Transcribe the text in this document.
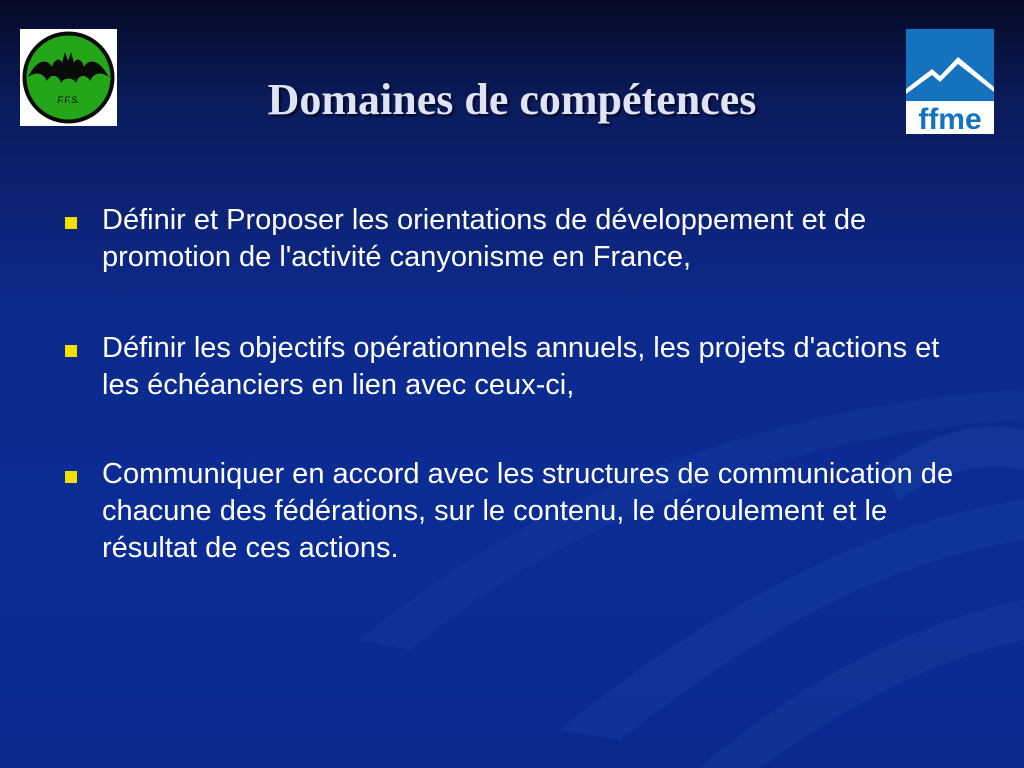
F.F.S.
ffme
Domaines de compétences
Définir et Proposer les orientations de développement et de promotion de l'activité canyonisme en France,
Définir les objectifs opérationnels annuels, les projets d'actions et les échéanciers en lien avec ceux-ci,
Communiquer en accord avec les structures de communication de chacune des fédérations, sur le contenu, le déroulement et le résultat de ces actions.
